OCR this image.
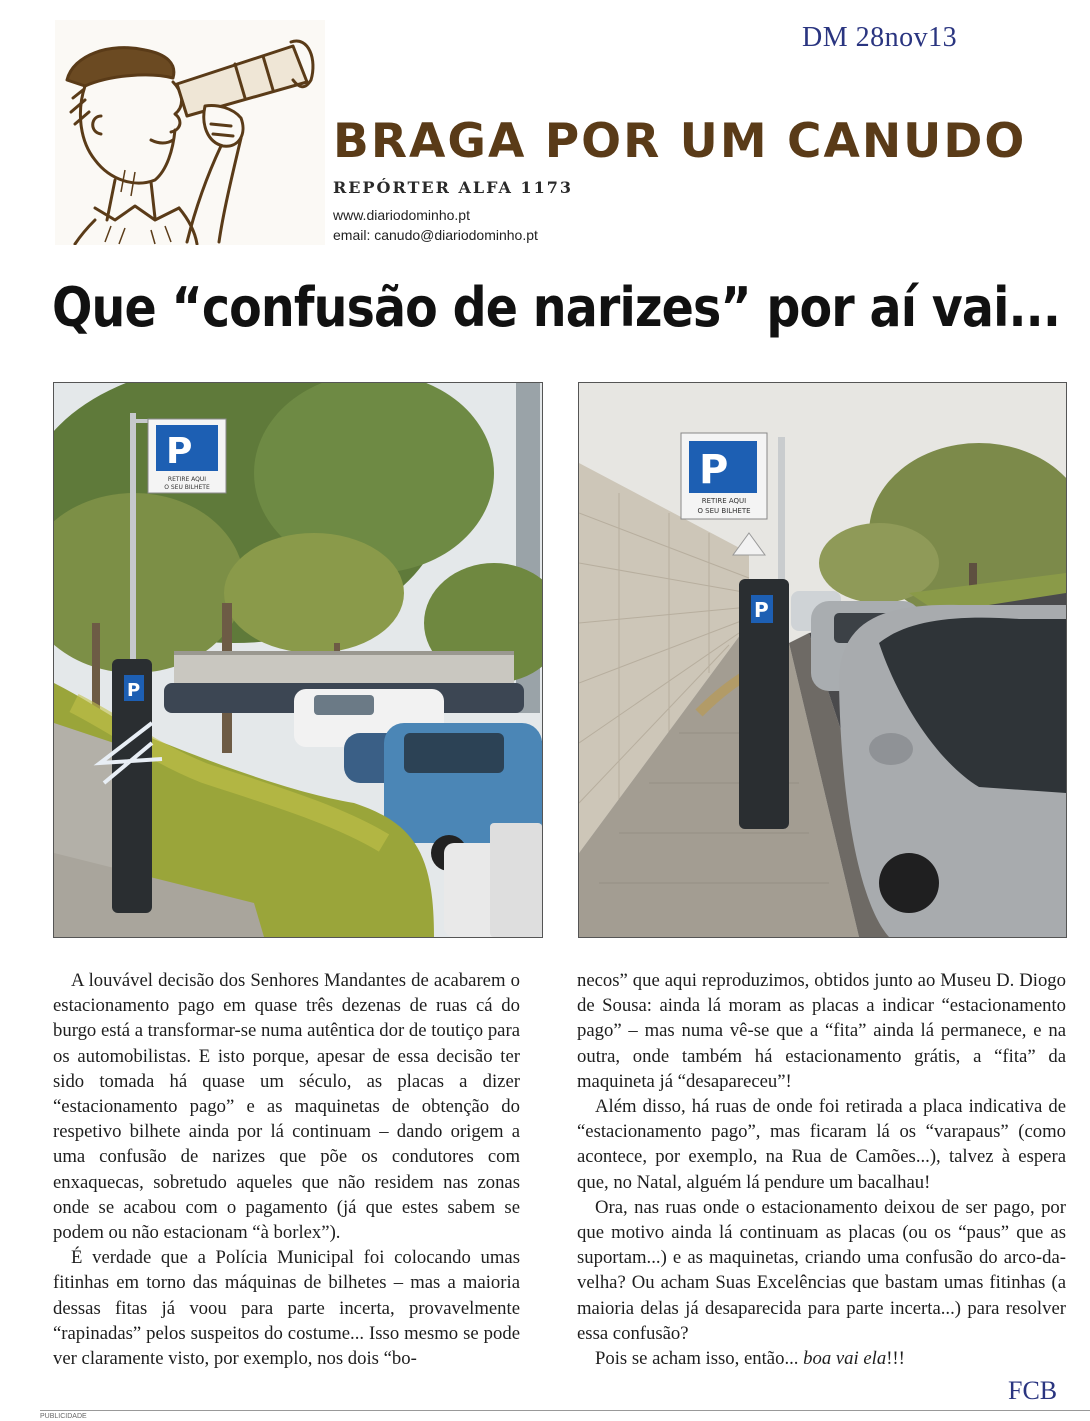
DM 28nov13
BRAGA POR UM CANUDO
REPÓRTER ALFA 1173
www.diariodominho.pt
email: canudo@diariodominho.pt
Que “confusão de narizes” por aí vai...
P
RETIRE AQUI
O SEU BILHETE
P
P
RETIRE AQUI
O SEU BILHETE
P

A louvável decisão dos Senhores Mandantes de acabarem o estacionamento pago em quase três dezenas de ruas cá do burgo está a transformar-se numa autêntica dor de toutiço para os automobilistas. E isto porque, apesar de essa decisão ter sido tomada há quase um século, as placas a dizer “estacionamento pago” e as maquinetas de obtenção do respetivo bilhete ainda por lá continuam – dando origem a uma confusão de narizes que põe os condutores com enxaquecas, sobretudo aqueles que não residem nas zonas onde se acabou com o pagamento (já que estes sabem se podem ou não estacionam “à borlex”).

É verdade que a Polícia Municipal foi colocando umas fitinhas em torno das máquinas de bilhetes – mas a maioria dessas fitas já voou para parte incerta, provavelmente “rapinadas” pelos suspeitos do costume... Isso mesmo se pode ver claramente visto, por exemplo, nos dois “bo-

necos” que aqui reproduzimos, obtidos junto ao Museu D. Diogo de Sousa: ainda lá moram as placas a indicar “estacionamento pago” – mas numa vê-se que a “fita” ainda lá permanece, e na outra, onde também há estacionamento grátis, a “fita” da maquineta já “desapareceu”!

Além disso, há ruas de onde foi retirada a placa indicativa de “estacionamento pago”, mas ficaram lá os “varapaus” (como acontece, por exemplo, na Rua de Camões...), talvez à espera que, no Natal, alguém lá pendure um bacalhau!

Ora, nas ruas onde o estacionamento deixou de ser pago, por que motivo ainda lá continuam as placas (ou os “paus” que as suportam...) e as maquinetas, criando uma confusão do arco-da-velha? Ou acham Suas Excelências que bastam umas fitinhas (a maioria delas já desaparecida para parte incerta...) para resolver essa confusão?

Pois se acham isso, então... boa vai ela!!!

FCB
PUBLICIDADE
